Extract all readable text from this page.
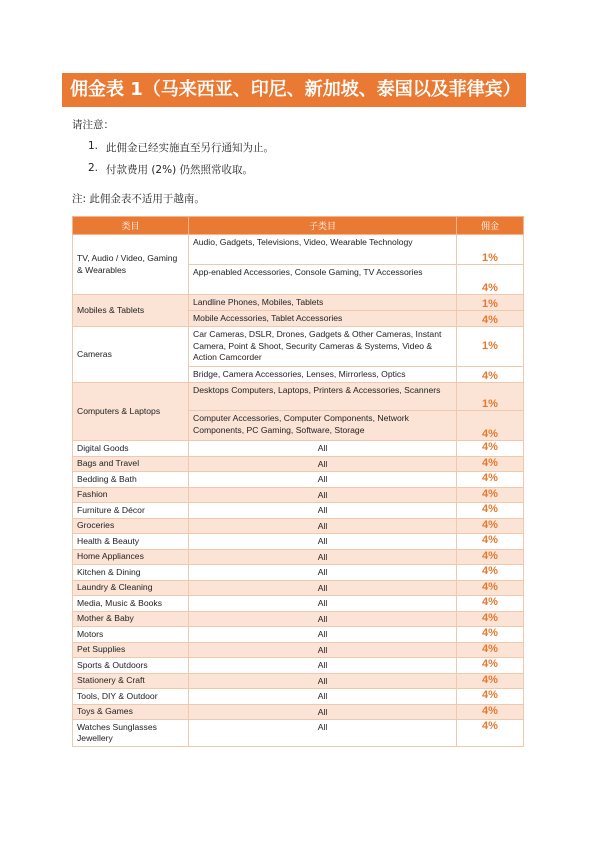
佣金表 1（马来西亚、印尼、新加坡、泰国以及菲律宾）
请注意：
1. 此佣金已经实施直至另行通知为止。
2. 付款费用 (2%) 仍然照常收取。
注: 此佣金表不适用于越南。
类目	子类目	佣金
TV, Audio / Video, Gaming & Wearables	Audio, Gadgets, Televisions, Video, Wearable Technology	1%
	App-enabled Accessories, Console Gaming, TV Accessories	4%
Mobiles & Tablets	Landline Phones, Mobiles, Tablets	1%
	Mobile Accessories, Tablet Accessories	4%
Cameras	Car Cameras, DSLR, Drones, Gadgets & Other Cameras, Instant Camera, Point & Shoot, Security Cameras & Systems, Video & Action Camcorder	1%
	Bridge, Camera Accessories, Lenses, Mirrorless, Optics	4%
Computers & Laptops	Desktops Computers, Laptops, Printers & Accessories, Scanners	1%
	Computer Accessories, Computer Components, Network Components, PC Gaming, Software, Storage	4%
Digital Goods	All	4%
Bags and Travel	All	4%
Bedding & Bath	All	4%
Fashion	All	4%
Furniture & Décor	All	4%
Groceries	All	4%
Health & Beauty	All	4%
Home Appliances	All	4%
Kitchen & Dining	All	4%
Laundry & Cleaning	All	4%
Media, Music & Books	All	4%
Mother & Baby	All	4%
Motors	All	4%
Pet Supplies	All	4%
Sports & Outdoors	All	4%
Stationery & Craft	All	4%
Tools, DIY & Outdoor	All	4%
Toys & Games	All	4%
Watches Sunglasses Jewellery	All	4%
